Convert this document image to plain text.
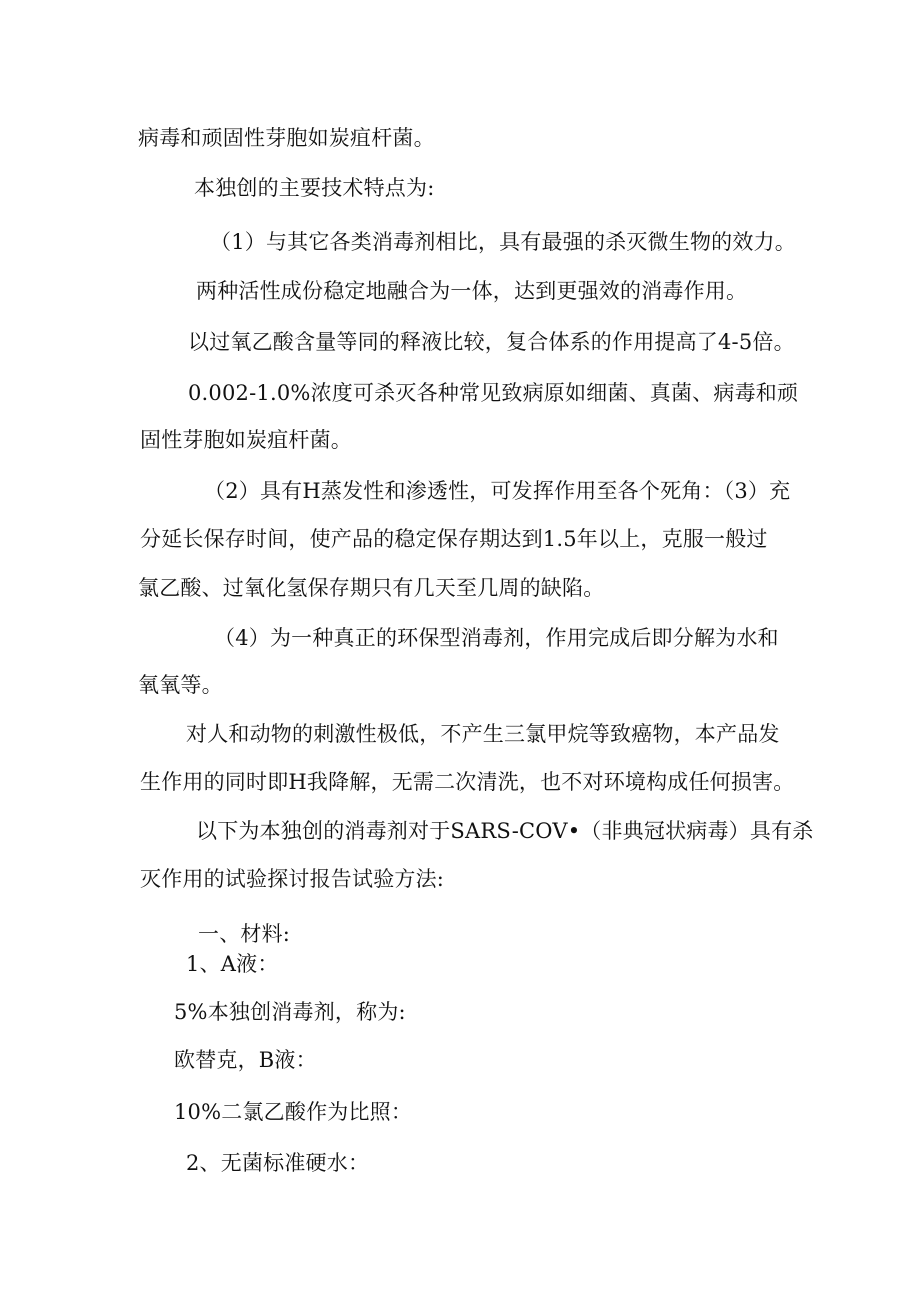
病毒和顽固性芽胞如炭疽杆菌。

本独创的主要技术特点为:

（1）与其它各类消毒剂相比，具有最强的杀灭微生物的效力。

两种活性成份稳定地融合为一体，达到更强效的消毒作用。

以过氧乙酸含量等同的释液比较，复合体系的作用提高了4-5倍。

0.002-1.0%浓度可杀灭各种常见致病原如细菌、真菌、病毒和顽

固性芽胞如炭疽杆菌。

（2）具有H蒸发性和渗透性，可发挥作用至各个死角：（3）充

分延长保存时间，使产品的稳定保存期达到1.5年以上，克服一般过

氯乙酸、过氧化氢保存期只有几天至几周的缺陷。

（4）为一种真正的环保型消毒剂，作用完成后即分解为水和

氧氧等。

对人和动物的刺激性极低，不产生三氯甲烷等致癌物，本产品发

生作用的同时即H我降解，无需二次清洗，也不对环境构成任何损害。

以下为本独创的消毒剂对于SARS-COV•（非典冠状病毒）具有杀

灭作用的试验探讨报告试验方法:

一、材料:

1、A液：

5%本独创消毒剂，称为:

欧替克，B液：

10%二氯乙酸作为比照：

2、无菌标准硬水：
